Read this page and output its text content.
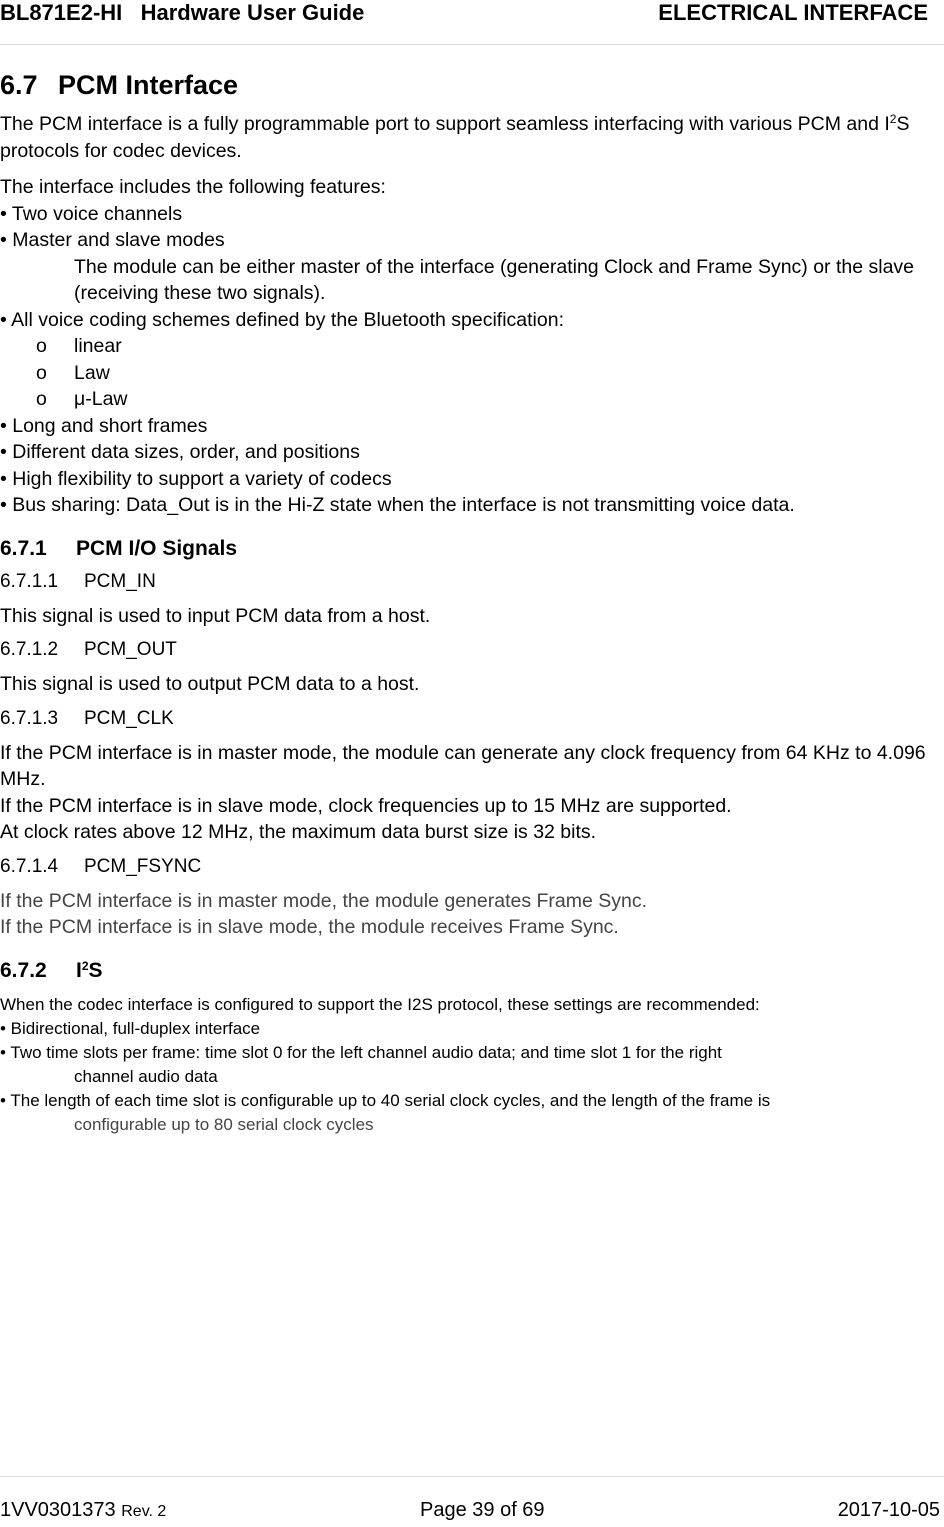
BL871E2-HI   Hardware User Guide	ELECTRICAL INTERFACE
6.7 PCM Interface
The PCM interface is a fully programmable port to support seamless interfacing with various PCM and $I^2S$ protocols for codec devices.
The interface includes the following features:
• Two voice channels
• Master and slave modes
The module can be either master of the interface (generating Clock and Frame Sync) or the slave (receiving these two signals).
• All voice coding schemes defined by the Bluetooth specification:
o linear
o Law
o μ-Law
• Long and short frames
• Different data sizes, order, and positions
• High flexibility to support a variety of codecs
• Bus sharing: Data_Out is in the Hi-Z state when the interface is not transmitting voice data.
6.7.1 PCM I/O Signals
6.7.1.1 PCM_IN
This signal is used to input PCM data from a host.
6.7.1.2 PCM_OUT
This signal is used to output PCM data to a host.
6.7.1.3 PCM_CLK
If the PCM interface is in master mode, the module can generate any clock frequency from 64 KHz to 4.096 MHz.
If the PCM interface is in slave mode, clock frequencies up to 15 MHz are supported.
At clock rates above 12 MHz, the maximum data burst size is 32 bits.
6.7.1.4 PCM_FSYNC
If the PCM interface is in master mode, the module generates Frame Sync.
If the PCM interface is in slave mode, the module receives Frame Sync.
6.7.2 $I^2S$
When the codec interface is configured to support the I2S protocol, these settings are recommended:
• Bidirectional, full-duplex interface
• Two time slots per frame: time slot 0 for the left channel audio data; and time slot 1 for the right
channel audio data
• The length of each time slot is configurable up to 40 serial clock cycles, and the length of the frame is
configurable up to 80 serial clock cycles
1VV0301373 Rev. 2	Page 39 of 69	2017-10-05
